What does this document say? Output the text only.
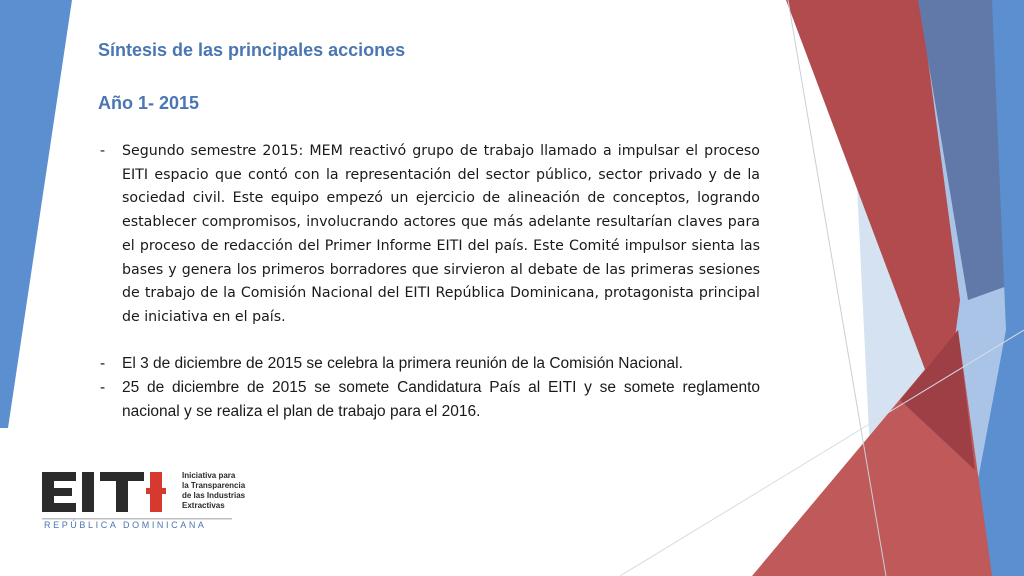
Síntesis de las principales acciones
Año 1- 2015
- Segundo semestre 2015: MEM reactivó grupo de trabajo llamado a impulsar el proceso EITI espacio que contó con la representación del sector público, sector privado y de la sociedad civil. Este equipo empezó un ejercicio de alineación de conceptos, logrando establecer compromisos, involucrando actores que más adelante resultarían claves para el proceso de redacción del Primer Informe EITI del país. Este Comité impulsor sienta las bases y genera los primeros borradores que sirvieron al debate de las primeras sesiones de trabajo de la Comisión Nacional del EITI República Dominicana, protagonista principal de iniciativa en el país.
- El 3 de diciembre de 2015 se celebra la primera reunión de la Comisión Nacional.
- 25 de diciembre de 2015 se somete Candidatura País al EITI y se somete reglamento nacional y se realiza el plan de trabajo para el 2016.
EITI
Iniciativa para
la Transparencia
de las Industrias
Extractivas
REPÚBLICA DOMINICANA
